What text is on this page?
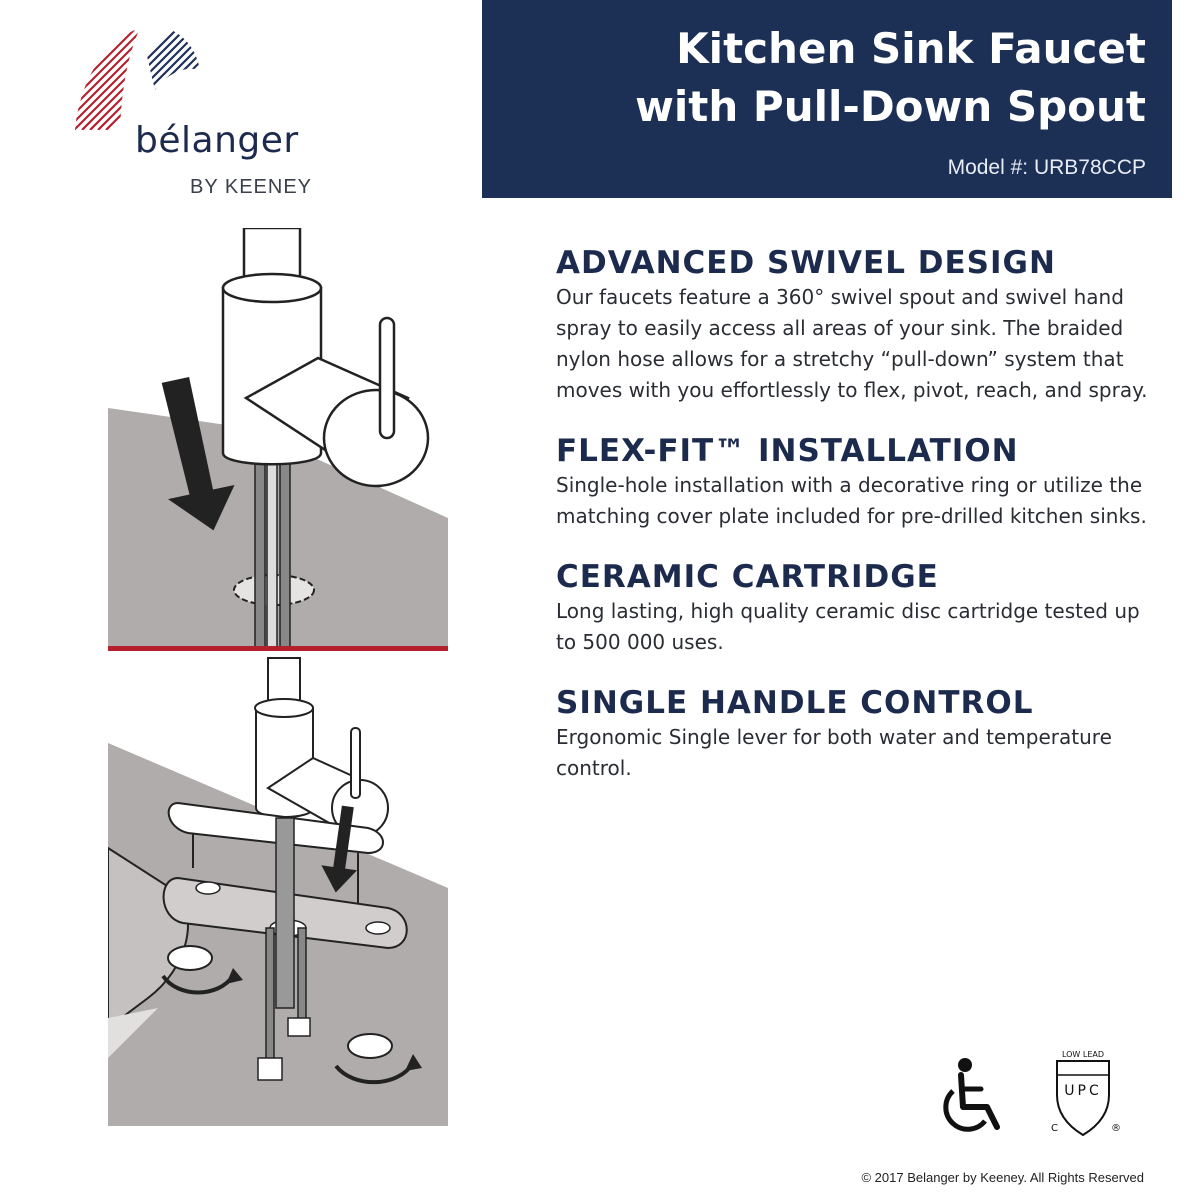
bélanger
BY KEENEY
Kitchen Sink Faucet
with Pull-Down Spout
Model #: URB78CCP
ADVANCED SWIVEL DESIGN
Our faucets feature a 360° swivel spout and swivel hand spray to easily access all areas of your sink. The braided nylon hose allows for a stretchy “pull-down” system that moves with you effortlessly to flex, pivot, reach, and spray.
FLEX-FIT™ INSTALLATION
Single-hole installation with a decorative ring or utilize the matching cover plate included for pre-drilled kitchen sinks.
CERAMIC CARTRIDGE
Long lasting, high quality ceramic disc cartridge tested up to 500 000 uses.
SINGLE HANDLE CONTROL
Ergonomic Single lever for both water and temperature control.
LOW LEAD
UPC
C	®
© 2017 Belanger by Keeney. All Rights Reserved
